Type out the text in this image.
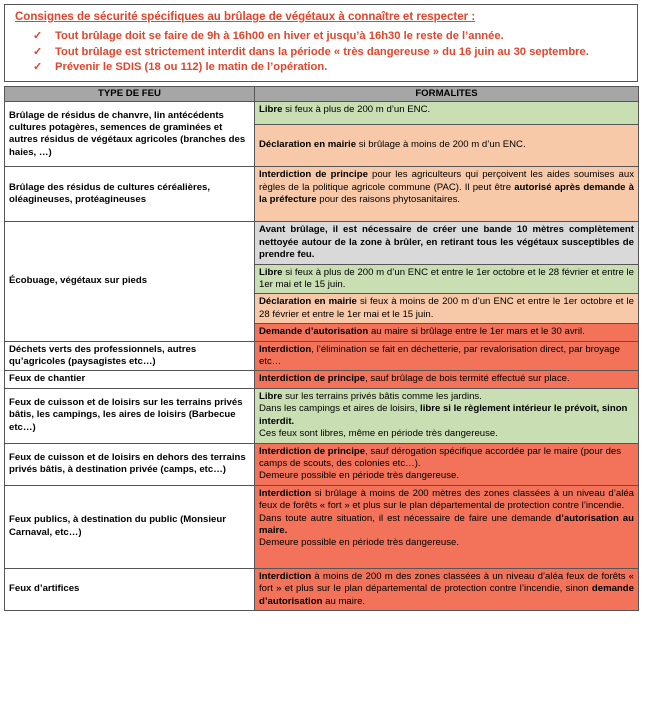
Consignes de sécurité spécifiques au brûlage de végétaux à connaître et respecter :
✓ Tout brûlage doit se faire de 9h à 16h00 en hiver et jusqu’à 16h30 le reste de l’année.
✓ Tout brûlage est strictement interdit dans la période « très dangereuse » du 16 juin au 30 septembre.
✓ Prévenir le SDIS (18 ou 112) le matin de l’opération.
TYPE DE FEU	FORMALITES
Brûlage de résidus de chanvre, lin antécédents cultures potagères, semences de graminées et autres résidus de végétaux agricoles (branches des haies, …)	Libre si feux à plus de 200 m d’un ENC.
	Déclaration en mairie si brûlage à moins de 200 m d’un ENC.
Brûlage des résidus de cultures céréalières, oléagineuses, protéagineuses	Interdiction de principe pour les agriculteurs qui perçoivent les aides soumises aux règles de la politique agricole commune (PAC). Il peut être autorisé après demande à la préfecture pour des raisons phytosanitaires.
Écobuage, végétaux sur pieds	Avant brûlage, il est nécessaire de créer une bande 10 mètres complètement nettoyée autour de la zone à brûler, en retirant tous les végétaux susceptibles de prendre feu.
	Libre si feux à plus de 200 m d’un ENC et entre le 1er octobre et le 28 février et entre le 1er mai et le 15 juin.
	Déclaration en mairie si feux à moins de 200 m d’un ENC et entre le 1er octobre et le 28 février et entre le 1er mai et le 15 juin.
	Demande d’autorisation au maire si brûlage entre le 1er mars et le 30 avril.
Déchets verts des professionnels, autres qu’agricoles (paysagistes etc…)	Interdiction, l’élimination se fait en déchetterie, par revalorisation direct, par broyage etc…
Feux de chantier	Interdiction de principe, sauf brûlage de bois termité effectué sur place.
Feux de cuisson et de loisirs sur les terrains privés bâtis, les campings, les aires de loisirs (Barbecue etc…)	Libre sur les terrains privés bâtis comme les jardins.
Dans les campings et aires de loisirs, libre si le règlement intérieur le prévoit, sinon interdit.
Ces feux sont libres, même en période très dangereuse.
Feux de cuisson et de loisirs en dehors des terrains privés bâtis, à destination privée (camps, etc…)	Interdiction de principe, sauf dérogation spécifique accordée par le maire (pour des camps de scouts, des colonies etc…).
Demeure possible en période très dangereuse.
Feux publics, à destination du public (Monsieur Carnaval, etc…)	Interdiction si brûlage à moins de 200 mètres des zones classées à un niveau d’aléa feux de forêts « fort » et plus sur le plan départemental de protection contre l’incendie.
Dans toute autre situation, il est nécessaire de faire une demande d’autorisation au maire.
Demeure possible en période très dangereuse.
Feux d’artifices	Interdiction à moins de 200 m des zones classées à un niveau d’aléa feux de forêts « fort » et plus sur le plan départemental de protection contre l’incendie, sinon demande d’autorisation au maire.
